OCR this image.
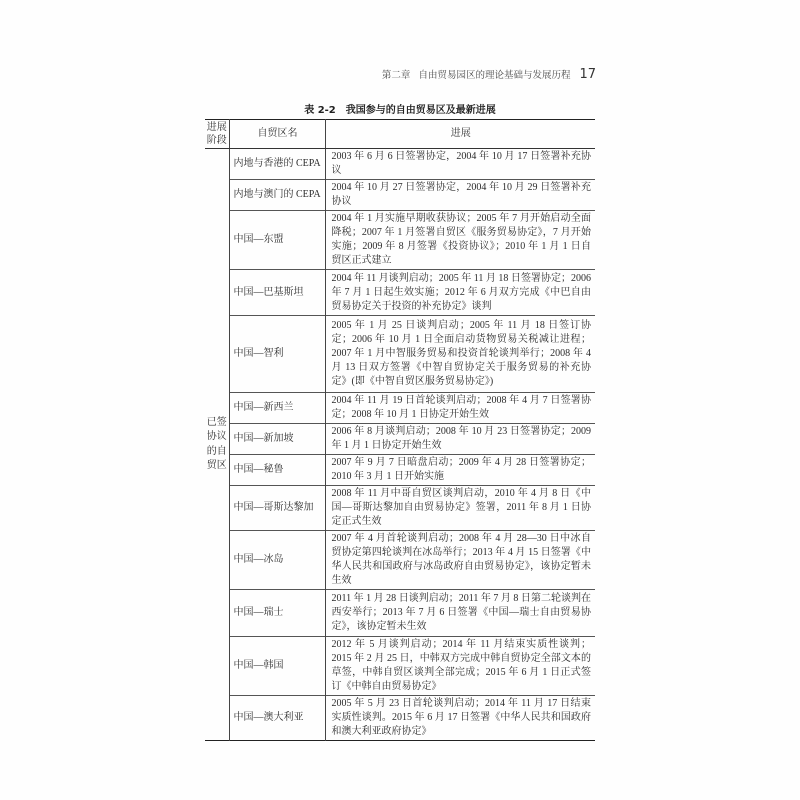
第二章 自由贸易园区的理论基础与发展历程 17
表 2-2 我国参与的自由贸易区及最新进展
进展阶段	自贸区名	进展
已签协议的自贸区	内地与香港的 CEPA	2003 年 6 月 6 日签署协定，2004 年 10 月 17 日签署补充协议
	内地与澳门的 CEPA	2004 年 10 月 27 日签署协定，2004 年 10 月 29 日签署补充协议
	中国—东盟	2004 年 1 月实施早期收获协议；2005 年 7 月开始启动全面降税；2007 年 1 月签署自贸区《服务贸易协定》，7 月开始实施；2009 年 8 月签署《投资协议》；2010 年 1 月 1 日自贸区正式建立
	中国—巴基斯坦	2004 年 11 月谈判启动；2005 年 11 月 18 日签署协定；2006 年 7 月 1 日起生效实施；2012 年 6 月双方完成《中巴自由贸易协定关于投资的补充协定》谈判
	中国—智利	2005 年 1 月 25 日谈判启动；2005 年 11 月 18 日签订协定；2006 年 10 月 1 日全面启动货物贸易关税减让进程；2007 年 1 月中智服务贸易和投资首轮谈判举行；2008 年 4 月 13 日双方签署《中智自贸协定关于服务贸易的补充协定》(即《中智自贸区服务贸易协定》)
	中国—新西兰	2004 年 11 月 19 日首轮谈判启动；2008 年 4 月 7 日签署协定；2008 年 10 月 1 日协定开始生效
	中国—新加坡	2006 年 8 月谈判启动；2008 年 10 月 23 日签署协定；2009 年 1 月 1 日协定开始生效
	中国—秘鲁	2007 年 9 月 7 日暗盘启动；2009 年 4 月 28 日签署协定；2010 年 3 月 1 日开始实施
	中国—哥斯达黎加	2008 年 11 月中哥自贸区谈判启动，2010 年 4 月 8 日《中国—哥斯达黎加自由贸易协定》签署，2011 年 8 月 1 日协定正式生效
	中国—冰岛	2007 年 4 月首轮谈判启动；2008 年 4 月 28—30 日中冰自贸协定第四轮谈判在冰岛举行；2013 年 4 月 15 日签署《中华人民共和国政府与冰岛政府自由贸易协定》，该协定暂未生效
	中国—瑞士	2011 年 1 月 28 日谈判启动；2011 年 7 月 8 日第二轮谈判在西安举行；2013 年 7 月 6 日签署《中国—瑞士自由贸易协定》，该协定暂未生效
	中国—韩国	2012 年 5 月谈判启动；2014 年 11 月结束实质性谈判；2015 年 2 月 25 日，中韩双方完成中韩自贸协定全部文本的草签，中韩自贸区谈判全部完成；2015 年 6 月 1 日正式签订《中韩自由贸易协定》
	中国—澳大利亚	2005 年 5 月 23 日首轮谈判启动；2014 年 11 月 17 日结束实质性谈判。2015 年 6 月 17 日签署《中华人民共和国政府和澳大利亚政府协定》
